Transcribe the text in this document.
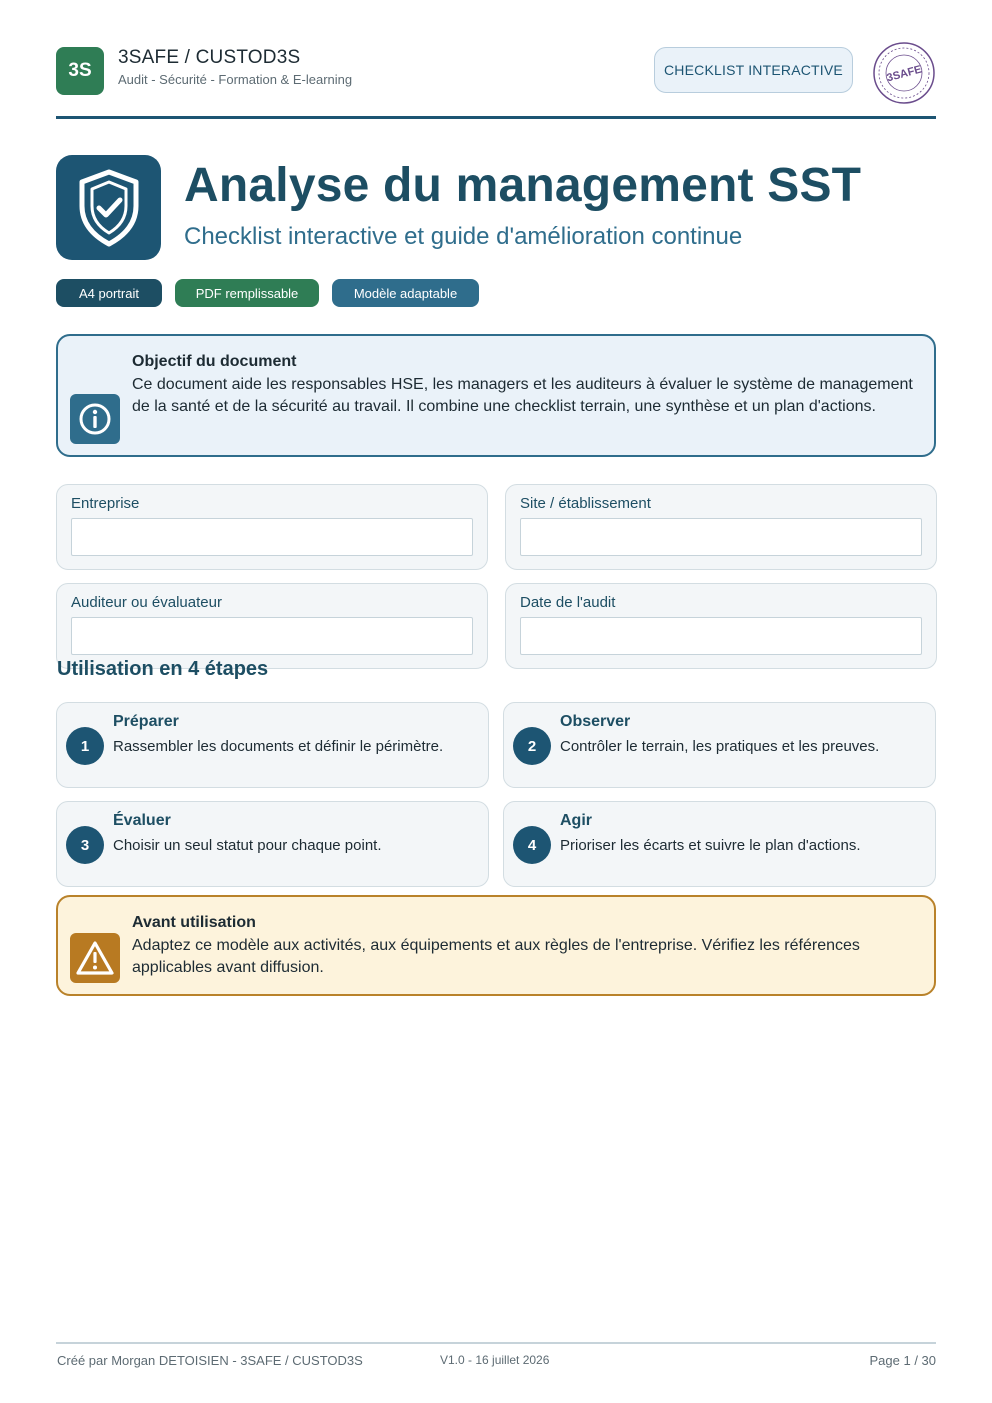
3S
3SAFE / CUSTOD3S
Audit - Sécurité - Formation & E-learning
CHECKLIST INTERACTIVE	3SAFE
Analyse du management SST
Checklist interactive et guide d'amélioration continue
A4 portrait	PDF remplissable	Modèle adaptable
Objectif du document
Ce document aide les responsables HSE, les managers et les auditeurs à évaluer le système de management de la santé et de la sécurité au travail. Il combine une checklist terrain, une synthèse et un plan d'actions.
Entreprise	Site / établissement
Auditeur ou évaluateur	Date de l'audit
Utilisation en 4 étapes
1
Préparer
Rassembler les documents et définir le périmètre.	2
Observer
Contrôler le terrain, les pratiques et les preuves.
3
Évaluer
Choisir un seul statut pour chaque point.	4
Agir
Prioriser les écarts et suivre le plan d'actions.
Avant utilisation
Adaptez ce modèle aux activités, aux équipements et aux règles de l'entreprise. Vérifiez les références applicables avant diffusion.
Créé par Morgan DETOISIEN - 3SAFE / CUSTOD3S	V1.0 - 16 juillet 2026	Page 1 / 30
